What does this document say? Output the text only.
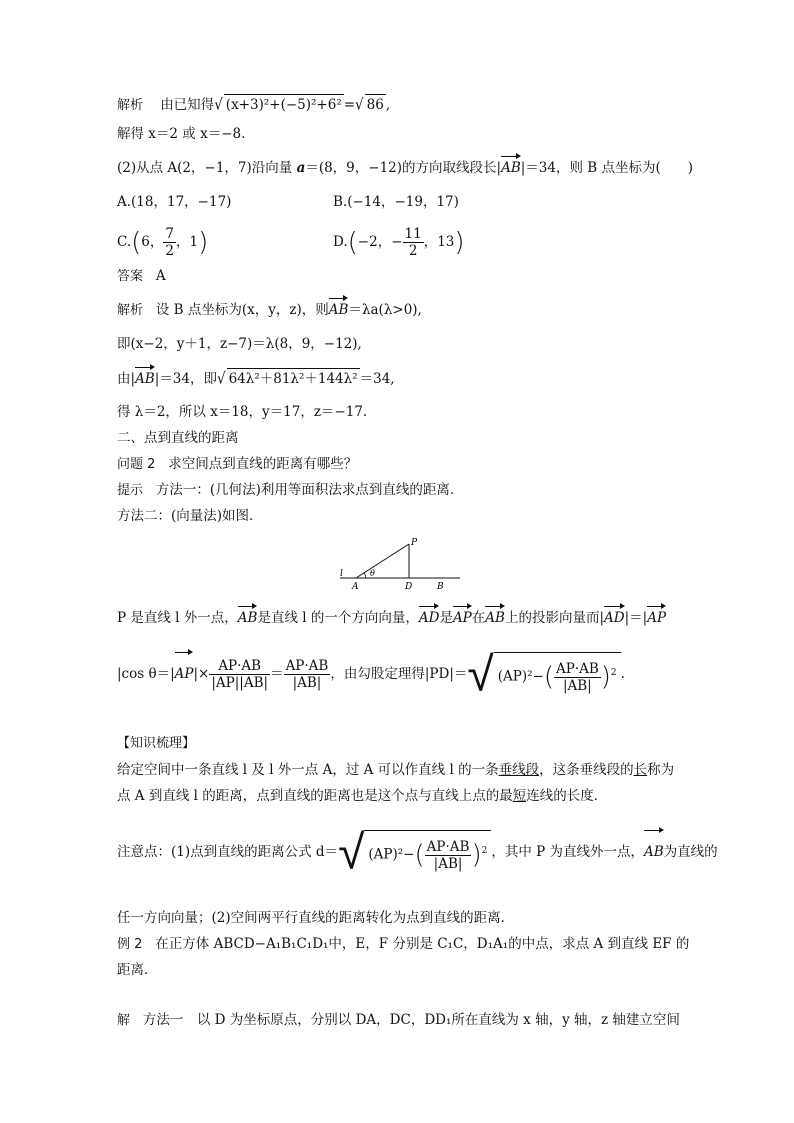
解析 由已知得√ (x+3)²+(−5)²+6² =√ 86 ,
解得 x＝2 或 x＝−8.
(2)从点 A(2，−1，7)沿向量 a＝(8，9，−12)的方向取线段长|AB|＝34，则 B 点坐标为(　　)
A.(18，17，−17)	B.(−14，−19，17)
C.(6， $\frac{7}{2}$ ，1)	D.(−2，− $\frac{11}{2}$ ，13)
答案 A
解析 设 B 点坐标为(x，y，z)，则AB＝λa(λ>0),
即(x−2，y＋1，z−7)＝λ(8，9，−12),
由|AB|＝34，即√ 64λ²＋81λ²＋144λ² ＝34,
得 λ＝2，所以 x＝18，y＝17，z＝−17.
二、点到直线的距离
问题 2 求空间点到直线的距离有哪些？
提示 方法一：(几何法)利用等面积法求点到直线的距离．
方法二：(向量法)如图．
l	θ
P
A	D	B
P 是直线 l 外一点，AB是直线 l 的一个方向向量，AD是AP在AB上的投影向量而|AD|＝|AP
|cos $\theta=|AP|\times \frac{AP\cdot AB}{|AP||AB|} = \frac{AP\cdot AB}{|AB|}$ ，由勾股定理得|PD|＝√ $(AP)^2-( \frac{AP\cdot AB}{|AB|} )^2$ .
【知识梳理】
给定空间中一条直线 l 及 l 外一点 A，过 A 可以作直线 l 的一条垂线段，这条垂线段的长称为
点 A 到直线 l 的距离，点到直线的距离也是这个点与直线上点的最短连线的长度．
注意点：(1)点到直线的距离公式 d＝√ $(AP)^2-( \frac{AP\cdot AB}{|AB|} )^2$ ，其中 P 为直线外一点，AB为直线的
任一方向向量；(2)空间两平行直线的距离转化为点到直线的距离．
例 2 在正方体 ABCD−A₁B₁C₁D₁中，E，F 分别是 C₁C，D₁A₁的中点，求点 A 到直线 EF 的
距离．
解 方法一　以 D 为坐标原点，分别以 DA，DC，DD₁所在直线为 x 轴，y 轴，z 轴建立空间
